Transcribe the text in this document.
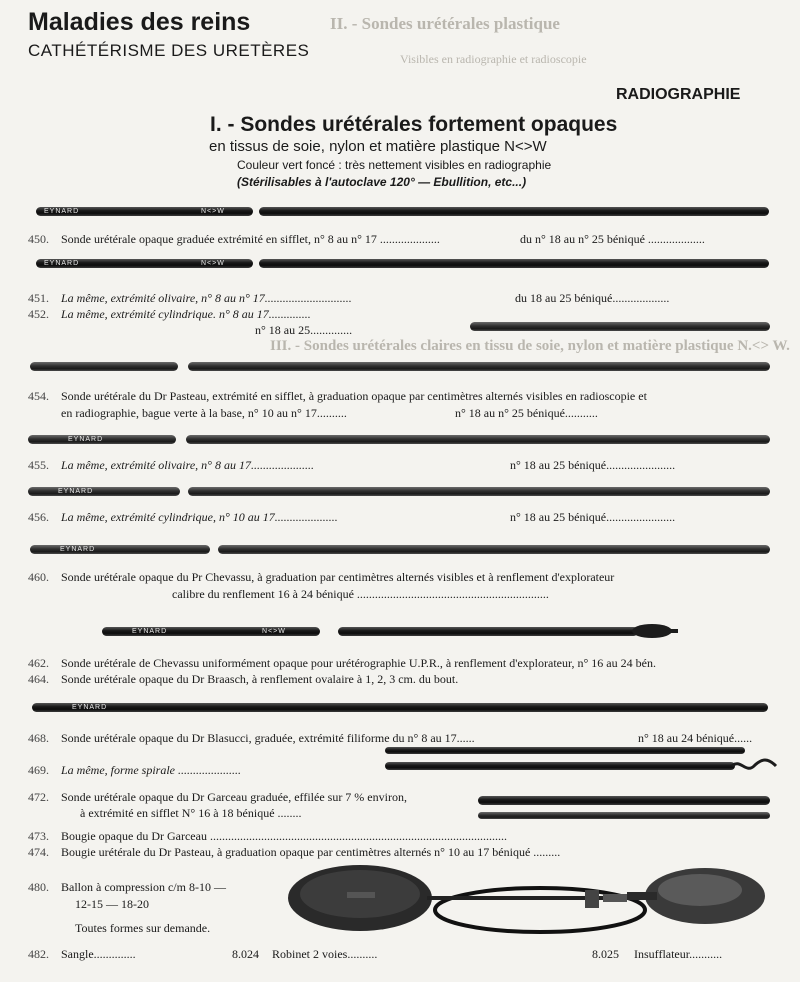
II. - Sondes urétérales plastique
Visibles en radiographie et radioscopie
III. - Sondes urétérales claires en tissu de soie, nylon et matière plastique N.<> W.
Maladies des reins
CATHÉTÉRISME DES URETÈRES
RADIOGRAPHIE
I. - Sondes urétérales fortement opaques
en tissus de soie, nylon et matière plastique N<>W
Couleur vert foncé : très nettement visibles en radiographie
(Stérilisables à l'autoclave 120° — Ebullition, etc...)
EYNARD	N<>W
450. Sonde urétérale opaque graduée extrémité en sifflet, n° 8 au n° 17 ....................	du n° 18 au n° 25 béniqué ...................
EYNARD	N<>W
451. La même, extrémité olivaire, n° 8 au n° 17.............................	du 18 au 25 béniqué...................
452. La même, extrémité cylindrique. n° 8 au 17..............
n° 18 au 25..............
454. Sonde urétérale du Dr Pasteau, extrémité en sifflet, à graduation opaque par centimètres alternés visibles en radioscopie et
en radiographie, bague verte à la base, n° 10 au n° 17..........	n° 18 au n° 25 béniqué...........
EYNARD
455. La même, extrémité olivaire, n° 8 au 17.....................	n° 18 au 25 béniqué.......................
EYNARD
456. La même, extrémité cylindrique, n° 10 au 17.....................	n° 18 au 25 béniqué.......................
EYNARD
460. Sonde urétérale opaque du Pr Chevassu, à graduation par centimètres alternés visibles et à renflement d'explorateur
calibre du renflement 16 à 24 béniqué ................................................................
EYNARD	N<>W
462. Sonde urétérale de Chevassu uniformément opaque pour urétérographie U.P.R., à renflement d'explorateur, n° 16 au 24 bén.
464. Sonde urétérale opaque du Dr Braasch, à renflement ovalaire à 1, 2, 3 cm. du bout.
EYNARD
468. Sonde urétérale opaque du Dr Blasucci, graduée, extrémité filiforme du n° 8 au 17......	n° 18 au 24 béniqué......
469. La même, forme spirale .....................
472. Sonde urétérale opaque du Dr Garceau graduée, effilée sur 7 % environ,
à extrémité en sifflet N° 16 à 18 béniqué ........
473. Bougie opaque du Dr Garceau ...................................................................................................
474. Bougie urétérale du Dr Pasteau, à graduation opaque par centimètres alternés n° 10 au 17 béniqué .........
480. Ballon à compression c/m 8-10 —
12-15 — 18-20
Toutes formes sur demande.
482. Sangle..............	8.024 Robinet 2 voies..........	8.025 Insufflateur...........
